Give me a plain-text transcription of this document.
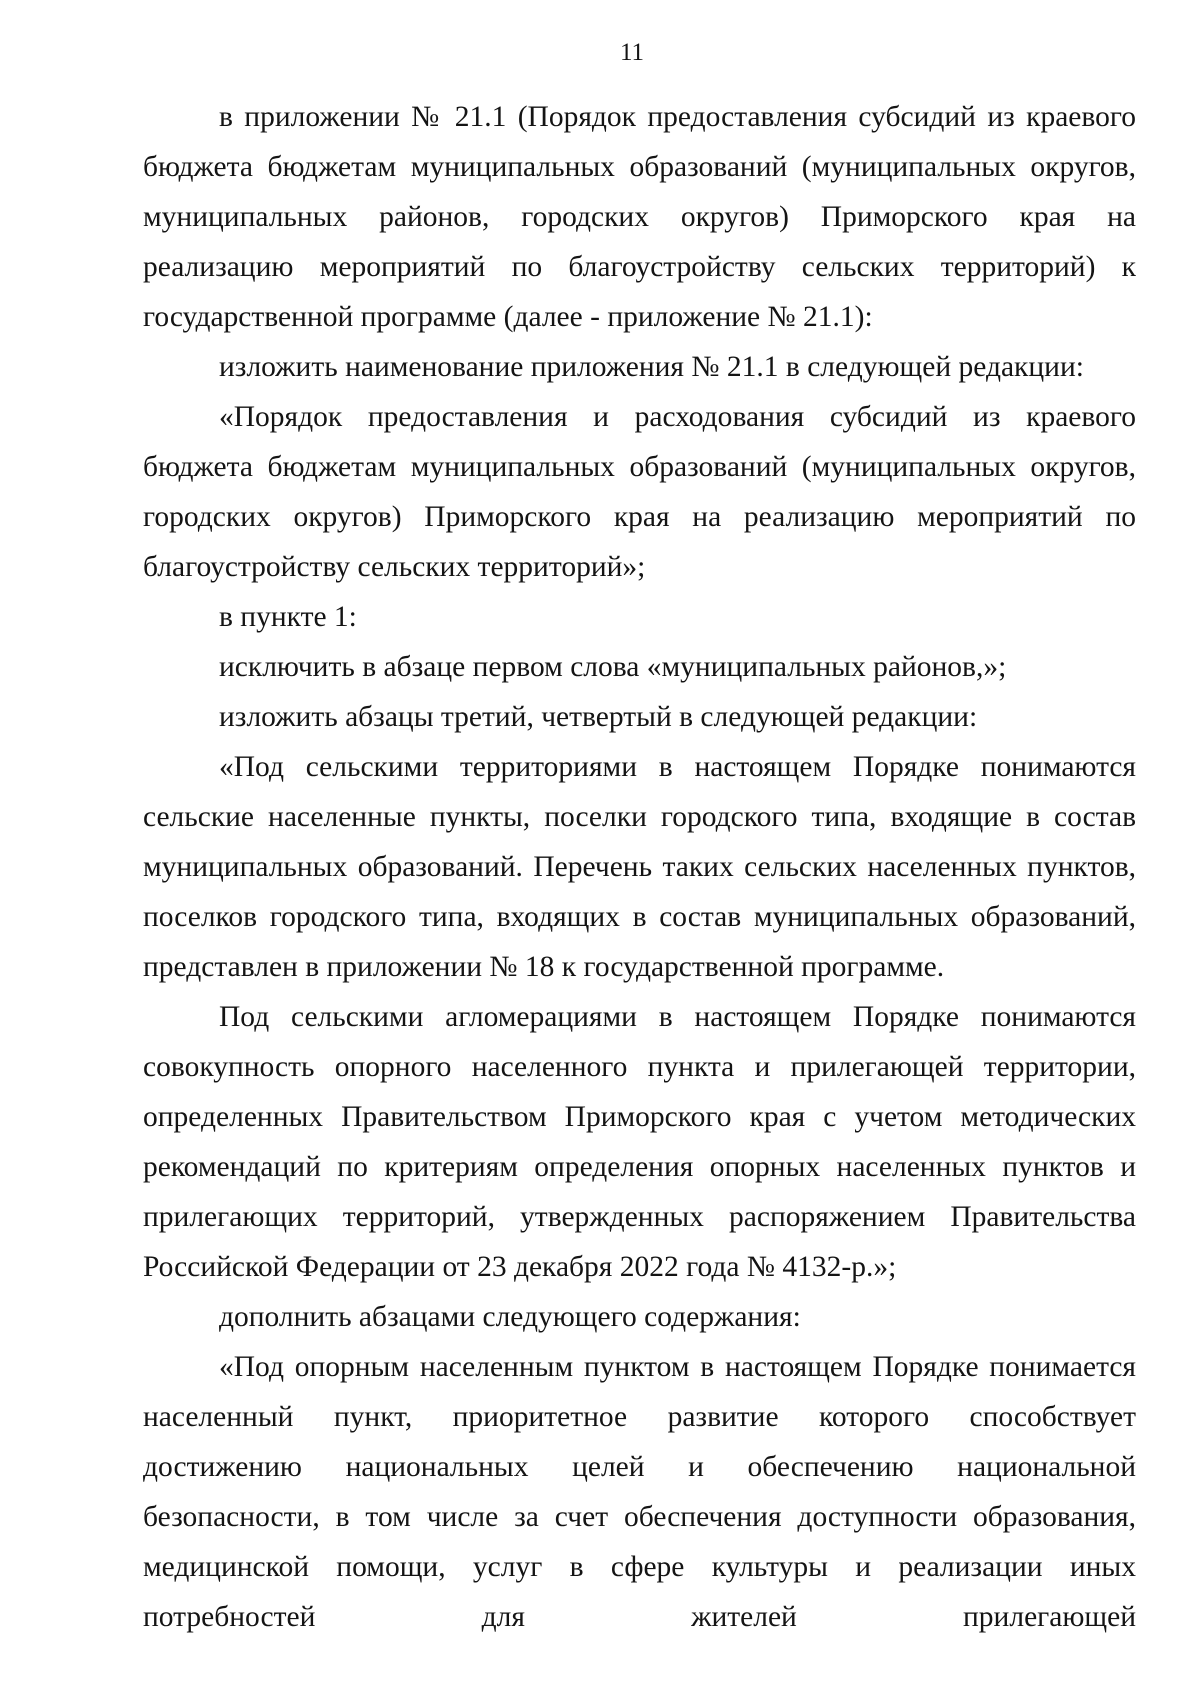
11

в приложении № 21.1 (Порядок предоставления субсидий из краевого бюджета бюджетам муниципальных образований (муниципальных округов, муниципальных районов, городских округов) Приморского края на реализацию мероприятий по благоустройству сельских территорий) к государственной программе (далее - приложение № 21.1):

изложить наименование приложения № 21.1 в следующей редакции:

«Порядок предоставления и расходования субсидий из краевого бюджета бюджетам муниципальных образований (муниципальных округов, городских округов) Приморского края на реализацию мероприятий по благоустройству сельских территорий»;

в пункте 1:

исключить в абзаце первом слова «муниципальных районов,»;

изложить абзацы третий, четвертый в следующей редакции:

«Под сельскими территориями в настоящем Порядке понимаются сельские населенные пункты, поселки городского типа, входящие в состав муниципальных образований. Перечень таких сельских населенных пунктов, поселков городского типа, входящих в состав муниципальных образований, представлен в приложении № 18 к государственной программе.

Под сельскими агломерациями в настоящем Порядке понимаются совокупность опорного населенного пункта и прилегающей территории, определенных Правительством Приморского края с учетом методических рекомендаций по критериям определения опорных населенных пунктов и прилегающих территорий, утвержденных распоряжением Правительства Российской Федерации от 23 декабря 2022 года № 4132-р.»;

дополнить абзацами следующего содержания:

«Под опорным населенным пунктом в настоящем Порядке понимается населенный пункт, приоритетное развитие которого способствует достижению национальных целей и обеспечению национальной безопасности, в том числе за счет обеспечения доступности образования, медицинской помощи, услуг в сфере культуры и реализации иных потребностей для жителей прилегающей
